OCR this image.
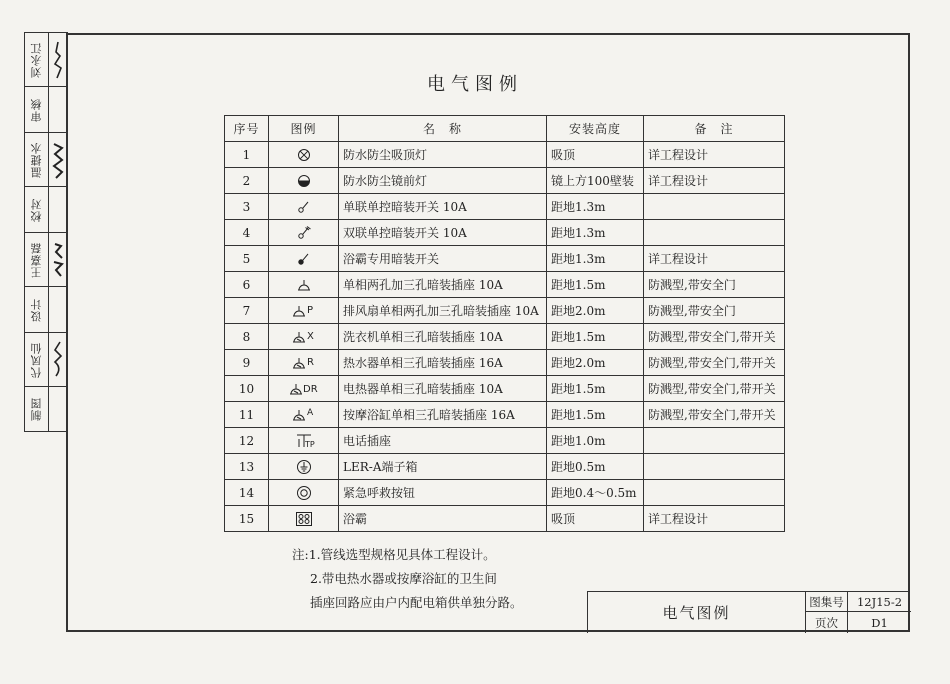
刘永江
审核
温捷水
校对
王嘉磊
设计
代凤仙
制图
电气图例
序号	图例	名　称	安装高度	备　注
1		防水防尘吸顶灯	吸顶	详工程设计
2		防水防尘镜前灯	镜上方100壁装	详工程设计
3		单联单控暗装开关 10A	距地1.3m	
4		双联单控暗装开关 10A	距地1.3m	
5		浴霸专用暗装开关	距地1.3m	详工程设计
6		单相两孔加三孔暗装插座 10A	距地1.5m	防溅型,带安全门
7	P	排风扇单相两孔加三孔暗装插座 10A	距地2.0m	防溅型,带安全门
8	X	洗衣机单相三孔暗装插座 10A	距地1.5m	防溅型,带安全门,带开关
9	R	热水器单相三孔暗装插座 16A	距地2.0m	防溅型,带安全门,带开关
10	DR	电热器单相三孔暗装插座 10A	距地1.5m	防溅型,带安全门,带开关
11	A	按摩浴缸单相三孔暗装插座 16A	距地1.5m	防溅型,带安全门,带开关
12	TP	电话插座	距地1.0m	
13		LER-A端子箱	距地0.5m	
14		紧急呼救按钮	距地0.4～0.5m	
15		浴霸	吸顶	详工程设计
注:1.管线选型规格见具体工程设计。
2.带电热水器或按摩浴缸的卫生间
插座回路应由户内配电箱供单独分路。
电气图例
图集号	12J15-2
页次	D1
